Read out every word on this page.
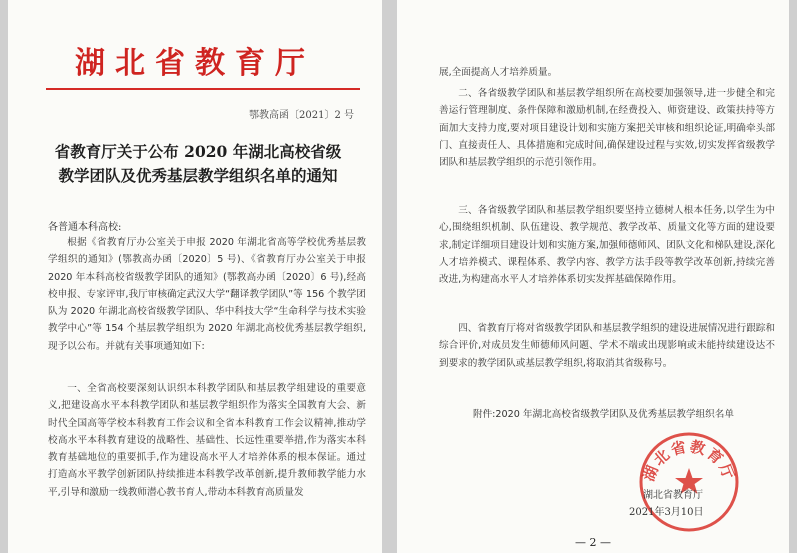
湖北省教育厅
鄂教高函〔2021〕2 号
省教育厅关于公布 2020 年湖北高校省级
教学团队及优秀基层教学组织名单的通知
各普通本科高校:

根据《省教育厅办公室关于申报 2020 年湖北省高等学校优秀基层教学组织的通知》(鄂教高办函〔2020〕5 号)、《省教育厅办公室关于申报 2020 年本科高校省级教学团队的通知》(鄂教高办函〔2020〕6 号),经高校申报、专家评审,我厅审核确定武汉大学“翻译教学团队”等 156 个教学团队为 2020 年湖北高校省级教学团队、华中科技大学“生命科学与技术实验教学中心”等 154 个基层教学组织为 2020 年湖北高校优秀基层教学组织,现予以公布。并就有关事项通知如下:

一、全省高校要深刻认识织本科教学团队和基层教学组建设的重要意义,把建设高水平本科教学团队和基层教学组织作为落实全国教育大会、新时代全国高等学校本科教育工作会议和全省本科教育工作会议精神,推动学校高水平本科教育建设的战略性、基础性、长远性重要举措,作为落实本科教育基础地位的重要抓手,作为建设高水平人才培养体系的根本保证。通过打造高水平教学创新团队持续推进本科教学改革创新,提升教师教学能力水平,引导和激励一线教师潜心教书育人,带动本科教育高质量发

展,全面提高人才培养质量。

二、各省级教学团队和基层教学组织所在高校要加强领导,进一步健全和完善运行管理制度、条件保障和激励机制,在经费投入、师资建设、政策扶持等方面加大支持力度,要对项目建设计划和实施方案把关审核和组织论证,明确牵头部门、直接责任人、具体措施和完成时间,确保建设过程与实效,切实发挥省级教学团队和基层教学组织的示范引领作用。

三、各省级教学团队和基层教学组织要坚持立德树人根本任务,以学生为中心,围绕组织机制、队伍建设、教学规范、教学改革、质量文化等方面的建设要求,制定详细项目建设计划和实施方案,加强师德师风、团队文化和梯队建设,深化人才培养模式、课程体系、教学内容、教学方法手段等教学改革创新,持续完善改进,为构建高水平人才培养体系切实发挥基础保障作用。

四、省教育厅将对省级教学团队和基层教学组织的建设进展情况进行跟踪和综合评价,对成员发生师德师风问题、学术不端或出现影响或未能持续建设达不到要求的教学团队或基层教学组织,将取消其省级称号。

附件:2020 年湖北高校省级教学团队及优秀基层教学组织名单
湖北省教育厅
湖北省教育厅
2021年3月10日
— 2 —
